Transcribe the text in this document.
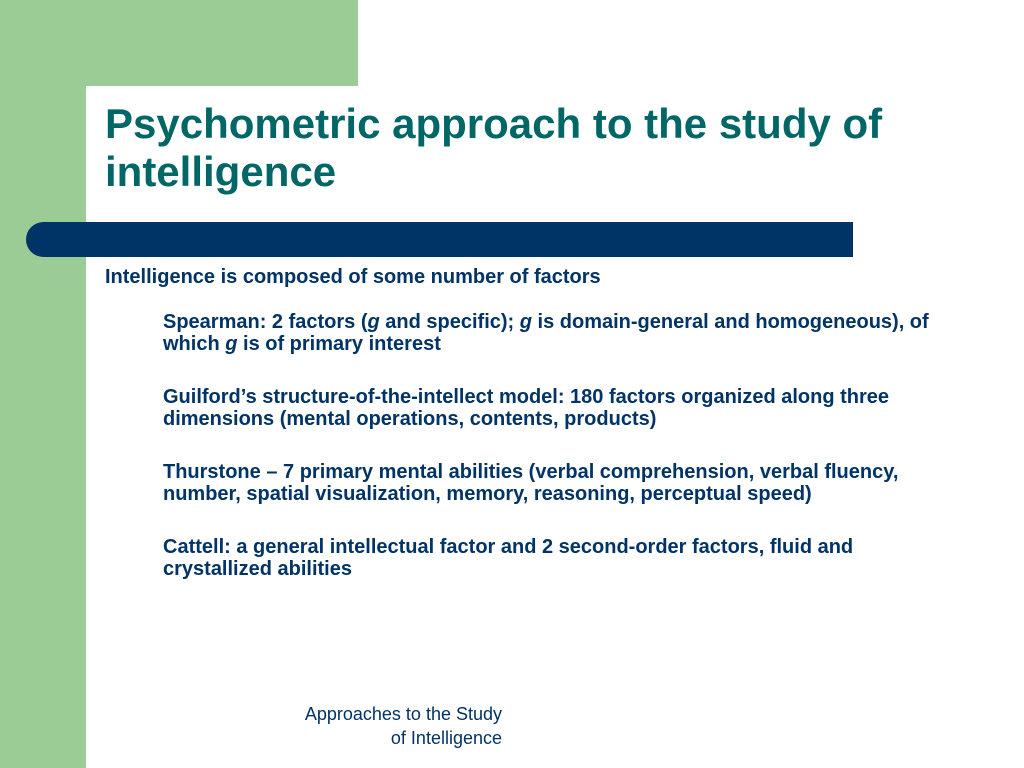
Psychometric approach to the study of intelligence

Intelligence is composed of some number of factors

Spearman: 2 factors (g and specific); g is domain-general and homogeneous), of which g is of primary interest

Guilford’s structure-of-the-intellect model: 180 factors organized along three dimensions (mental operations, contents, products)

Thurstone – 7 primary mental abilities (verbal comprehension, verbal fluency, number, spatial visualization, memory, reasoning, perceptual speed)

Cattell: a general intellectual factor and 2 second-order factors, fluid and crystallized abilities

Approaches to the Study
of Intelligence
